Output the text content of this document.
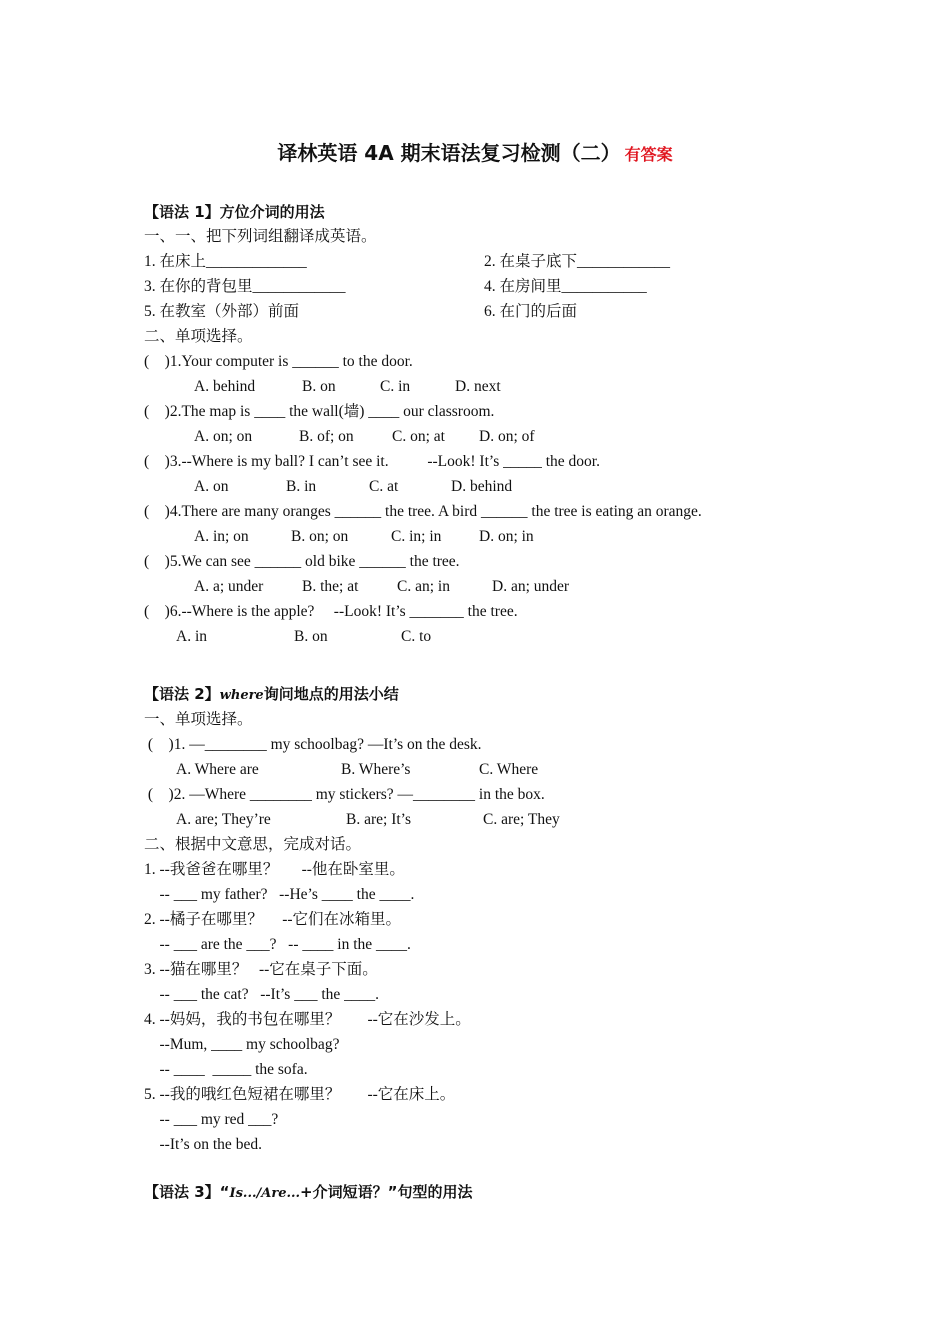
译林英语 4A 期末语法复习检测（二） 有答案
【语法 1】方位介词的用法
一、一、把下列词组翻译成英语。
1. 在床上_____________	2. 在桌子底下____________
3. 在你的背包里____________	4. 在房间里___________
5. 在教室（外部）前面	6. 在门的后面
二、单项选择。
(    )1.Your computer is ______ to the door.
A. behind	B. on	C. in	D. next
(    )2.The map is ____ the wall(墙) ____ our classroom.
A. on; on	B. of; on C. on; at D. on; of
(    )3.--Where is my ball? I can’t see it.          --Look! It’s _____ the door.
A. on	B. in	C. at	D. behind
(    )4.There are many oranges ______ the tree. A bird ______ the tree is eating an orange.
A. in; on	B. on; on	C. in; in D. on; in
(    )5.We can see ______ old bike ______ the tree.
A. a; under B. the; at C. an; in	D. an; under
(    )6.--Where is the apple?     --Look! It’s _______ the tree.
A. in	B. on	C. to
【语法 2】where询问地点的用法小结
一、单项选择。
(    )1. —________ my schoolbag? —It’s on the desk.
A. Where are	B. Where’s	C. Where
(    )2. —Where ________ my stickers? —________ in the box.
A. are; They’re	B. are; It’s	C. are; They
二、根据中文意思，完成对话。
1. --我爸爸在哪里？      --他在卧室里。
-- ___ my father?   --He’s ____ the ____.
2. --橘子在哪里？     --它们在冰箱里。
-- ___ are the ___?   -- ____ in the ____.
3. --猫在哪里？   --它在桌子下面。
-- ___ the cat?   --It’s ___ the ____.
4. --妈妈，我的书包在哪里？       --它在沙发上。
--Mum, ____ my schoolbag?
-- ____  _____ the sofa.
5. --我的哦红色短裙在哪里？       --它在床上。
-- ___ my red ___?
--It’s on the bed.
【语法 3】“Is.../Are...+介词短语？”句型的用法
